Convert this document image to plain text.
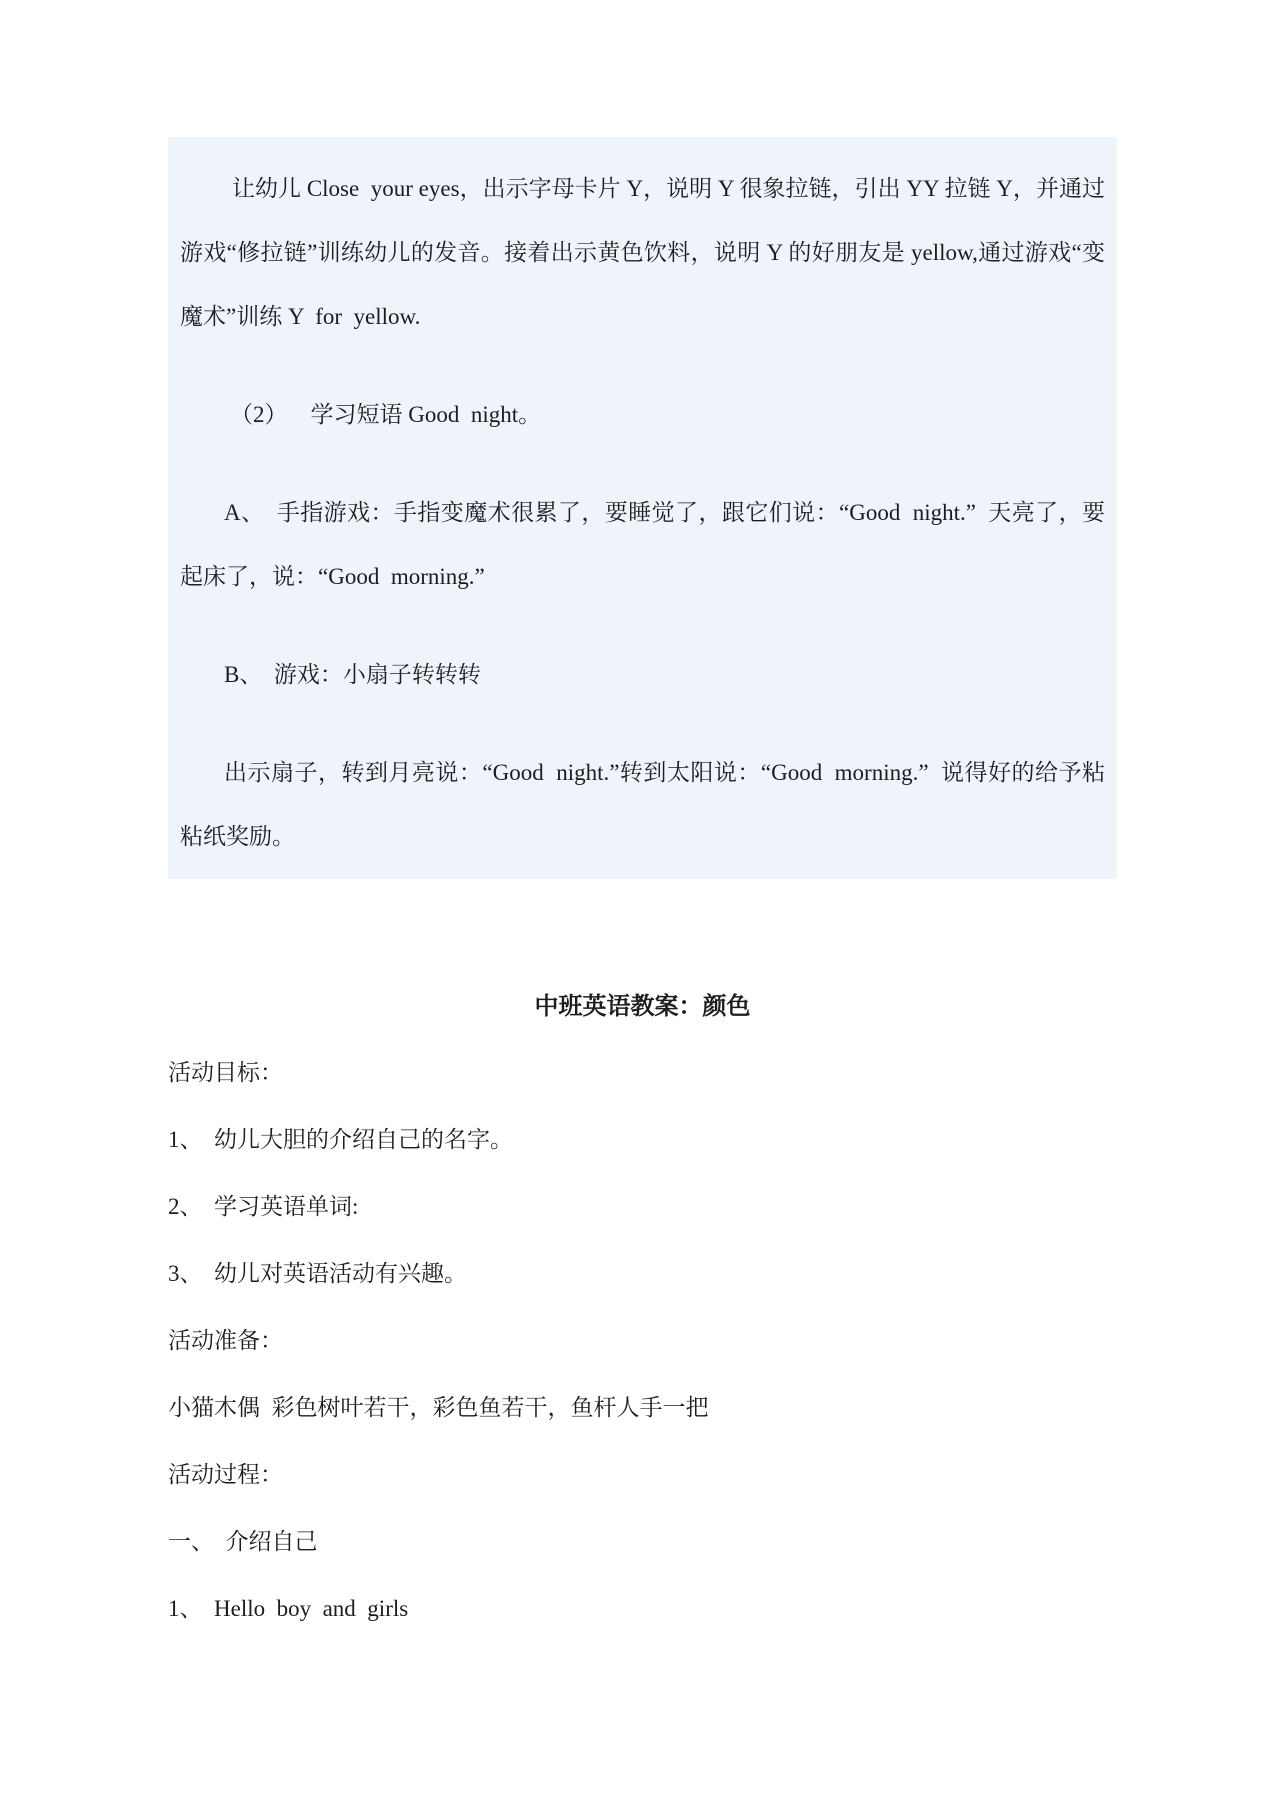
让幼儿 Close  your eyes，出示字母卡片 Y，说明 Y 很象拉链，引出 YY 拉链 Y，并通过游戏“修拉链”训练幼儿的发音。接着出示黄色饮料，说明 Y 的好朋友是 yellow,通过游戏“变魔术”训练 Y  for  yellow.

（2）    学习短语 Good  night。

A、  手指游戏：手指变魔术很累了，要睡觉了，跟它们说：“Good  night.”  天亮了，要起床了，说：“Good  morning.”

B、  游戏：小扇子转转转

出示扇子，转到月亮说：“Good  night.”转到太阳说：“Good  morning.”  说得好的给予粘粘纸奖励。

中班英语教案：颜色

活动目标：

1、  幼儿大胆的介绍自己的名字。

2、  学习英语单词:

3、  幼儿对英语活动有兴趣。

活动准备：

小猫木偶  彩色树叶若干，彩色鱼若干，鱼杆人手一把

活动过程：

一、  介绍自己

1、  Hello  boy  and  girls
